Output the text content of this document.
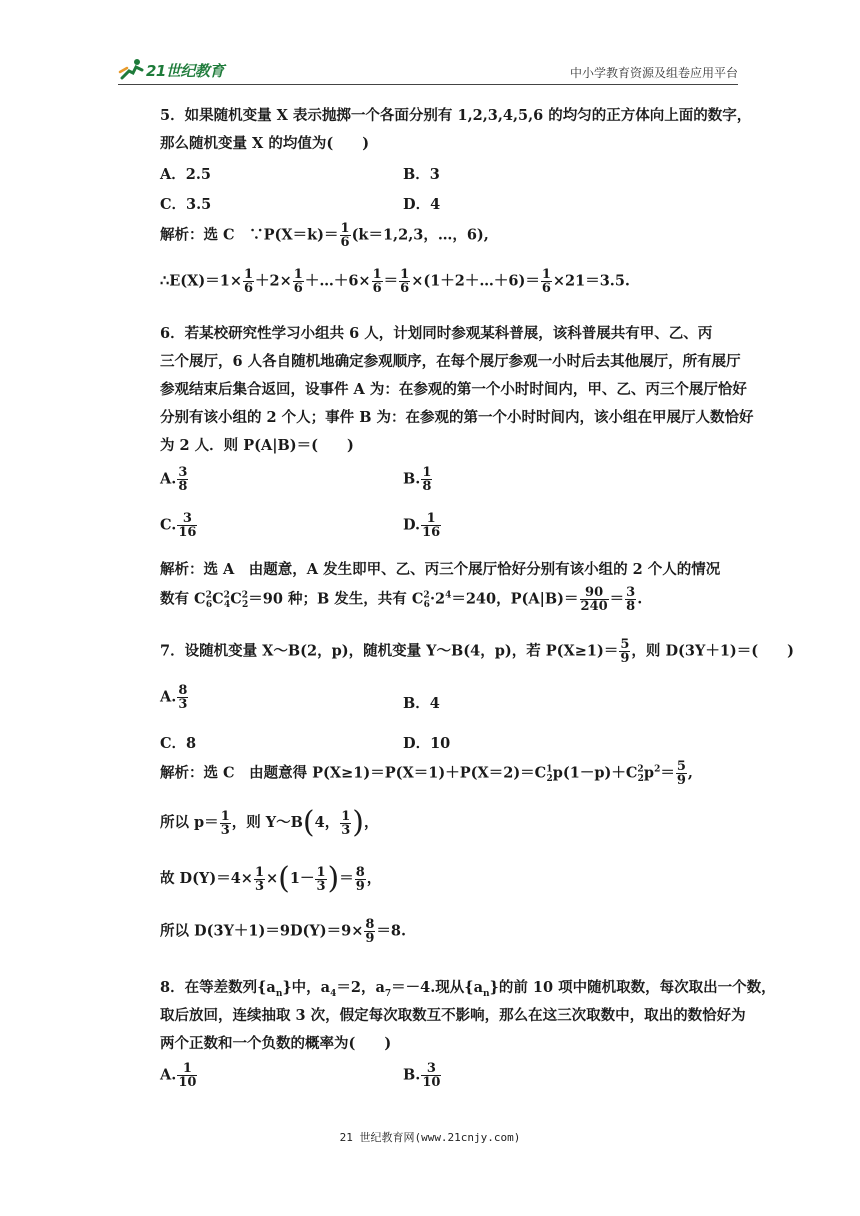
21世纪教育	中小学教育资源及组卷应用平台
5．如果随机变量 X 表示抛掷一个各面分别有 1,2,3,4,5,6 的均匀的正方体向上面的数字，
那么随机变量 X 的均值为(　　)
A．2.5	B．3
C．3.5	D．4
解析：选 C　∵P(X＝k)＝ $\frac{1}{6} (k=1,2,3$，…，6),
∴E(X)＝1× $\frac{1}{6} +2\times \frac{1}{6}$ ＋…＋6× $\frac{1}{6} = \frac{1}{6}$ ×(1＋2＋…＋6)＝ $\frac{1}{6} \times 21=3.5$.
6．若某校研究性学习小组共 6 人，计划同时参观某科普展，该科普展共有甲、乙、丙
三个展厅，6 人各自随机地确定参观顺序，在每个展厅参观一小时后去其他展厅，所有展厅
参观结束后集合返回，设事件 A 为：在参观的第一个小时时间内，甲、乙、丙三个展厅恰好
分别有该小组的 2 个人；事件 B 为：在参观的第一个小时时间内，该小组在甲展厅人数恰好
为 2 人．则 P(A|B)＝(　　)
A. $\frac{3}{8}$	B. $\frac{1}{8}$
C. $\frac{3}{16}$	D. $\frac{1}{16}$
解析：选 A　由题意，A 发生即甲、乙、丙三个展厅恰好分别有该小组的 2 个人的情况
数有 $C^2_6C^2_4C^2_2=90$ 种；B 发生，共有 $C^2_6\cdot 2^4=240$，$P(A|B)= \frac{90}{240} = \frac{3}{8}$ .
7．设随机变量 X～B(2，p)，随机变量 Y～B(4，p)，若 $P(X\ge 1)= \frac{5}{9}$ ，则 D(3Y＋1)＝(　　)
A. $\frac{8}{3}$	B．4
C．8	D．10
解析：选 C　由题意得 $P(X\ge 1)=P(X=1)+P(X=2)=C^1_2p(1-p)+C^2_2p^2= \frac{5}{9}$ ,
所以 $p= \frac{1}{3}$ ，则 Y～B(4， $\frac{1}{3}$ )，
故 $D(Y)=4\times \frac{1}{3} \times(1- \frac{1}{3}$ )＝ $\frac{8}{9}$ ，
所以 $D(3Y+1)=9D(Y)=9\times \frac{8}{9} =8$.
8．在等差数列$\{a_n\}$中，$a_4=2$，$a_7=-4$.现从$\{a_n\}$的前 10 项中随机取数，每次取出一个数，
取后放回，连续抽取 3 次，假定每次取数互不影响，那么在这三次取数中，取出的数恰好为
两个正数和一个负数的概率为(　　)
A. $\frac{1}{10}$	B. $\frac{3}{10}$
21 世纪教育网(www.21cnjy.com)
